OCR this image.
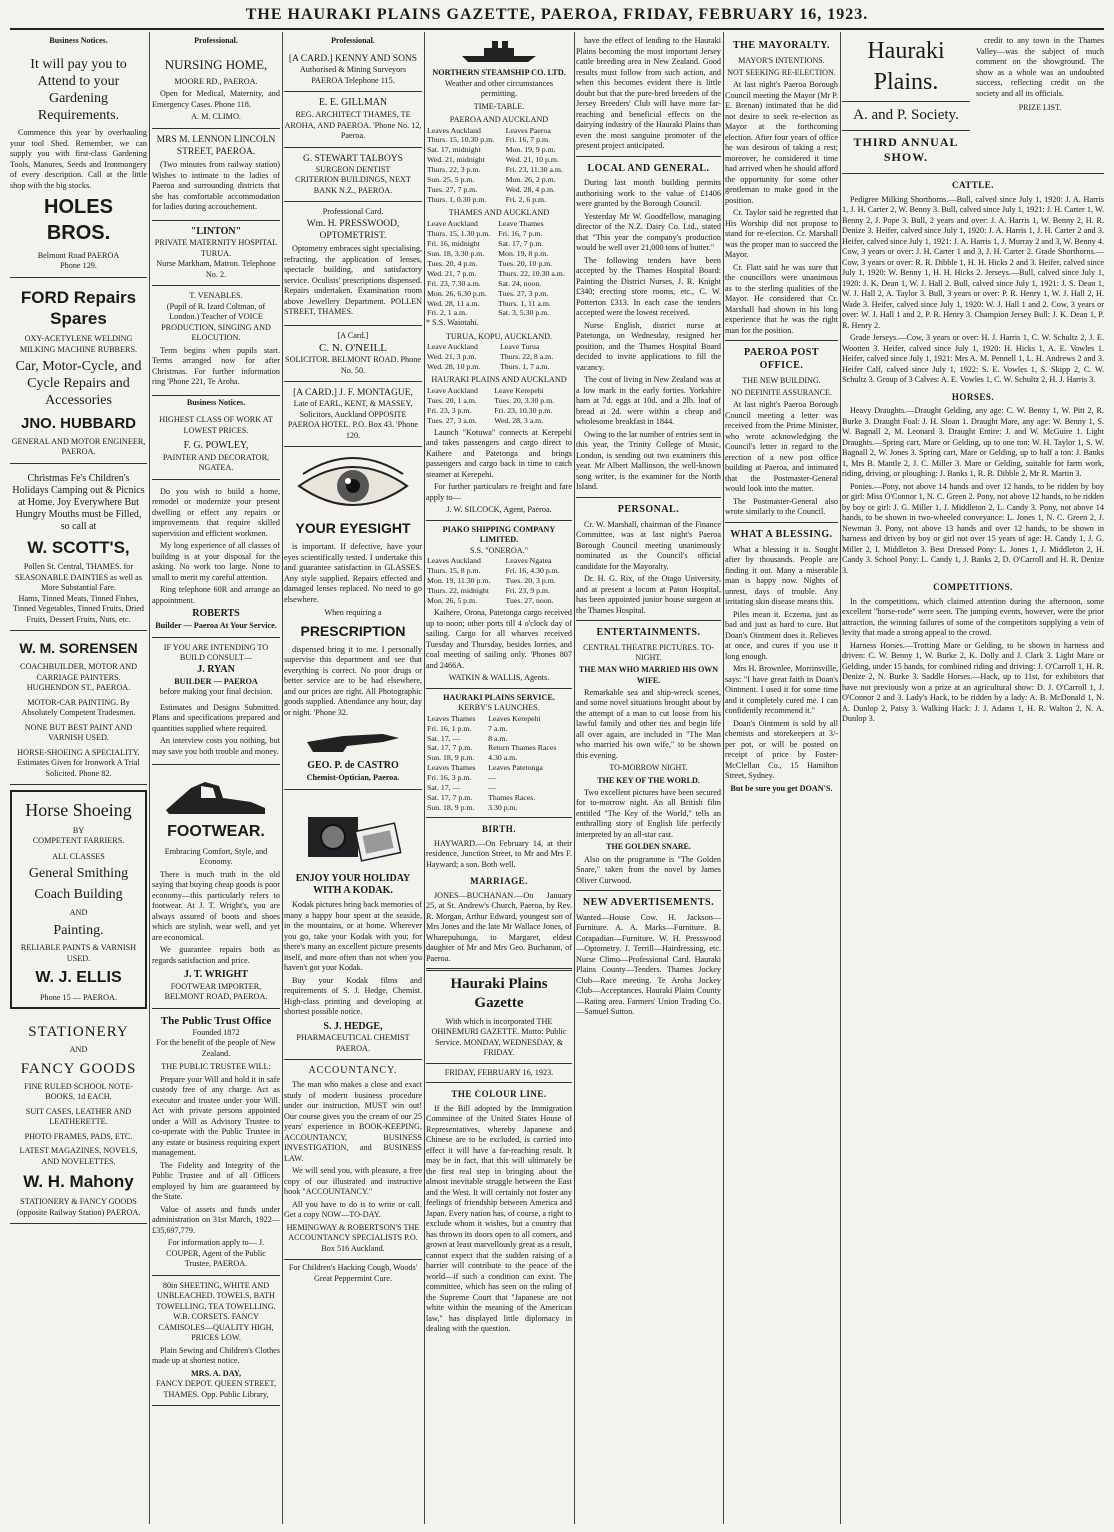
THE HAURAKI PLAINS GAZETTE, PAEROA, FRIDAY, FEBRUARY 16, 1923.
Business Notices.
It will pay you to Attend to your Gardening Requirements.
Commence this year by overhauling your tool Shed. Remember, we can supply you with first-class Gardening Tools, Manures, Seeds and Ironmongery of every description. Call at the little shop with the big stocks.
HOLES BROS.
Belmont Road PAEROA
Phone 129.
FORD Repairs Spares
OXY-ACETYLENE WELDING MILKING MACHINE RUBBERS.
Car, Motor-Cycle, and Cycle Repairs and Accessories
JNO. HUBBARD
GENERAL AND MOTOR ENGINEER, PAEROA.
Christmas Fe's Children's Holidays Camping out & Picnics at Home. Joy Everywhere But Hungry Mouths must be Filled, so call at
W. SCOTT'S,
Pollen St. Central, THAMES. for SEASONABLE DAINTIES as well as More Substantial Fare.
Hams, Tinned Meats, Tinned Fishes, Tinned Vegetables, Tinned Fruits, Dried Fruits, Dessert Fruits, Nuts, etc.
W. M. SORENSEN
COACHBUILDER, MOTOR AND CARRIAGE PAINTERS. HUGHENDON ST., PAEROA.
MOTOR-CAR PAINTING. By Absolutely Competent Tradesmen.
NONE BUT BEST PAINT AND VARNISH USED.
HORSE-SHOEING A SPECIALITY.
Estimates Given for Ironwork A Trial Solicited. Phone 82.
Horse Shoeing
BY
COMPETENT FARRIERS.
ALL CLASSES
General Smithing
Coach Building
AND
Painting.
RELIABLE PAINTS & VARNISH USED.
W. J. ELLIS
Phone 15 — PAEROA.
STATIONERY
AND
FANCY GOODS
FINE RULED SCHOOL NOTE-BOOKS, 1d EACH.
SUIT CASES, LEATHER AND LEATHERETTE.
PHOTO FRAMES, PADS, ETC.
LATEST MAGAZINES, NOVELS, AND NOVELETTES.
W. H. Mahony
STATIONERY & FANCY GOODS
(opposite Railway Station) PAEROA.
Professional.
NURSING HOME,
MOORE RD., PAEROA.
Open for Medical, Maternity, and Emergency Cases. Phone 118.
A. M. CLIMO.
MRS M. LENNON LINCOLN STREET, PAEROA.
(Two minutes from railway station) Wishes to intimate to the ladies of Paeroa and surrounding districts that she has comfortable accommodation for ladies during accouchement.
"LINTON"
PRIVATE MATERNITY HOSPITAL TURUA.
Nurse Markham, Matron. Telephone No. 2.
T. VENABLES.
(Pupil of R. Izard Coltman, of London.) Teacher of VOICE PRODUCTION, SINGING AND ELOCUTION.
Term begins when pupils start. Terms arranged now for after Christmas. For further information ring 'Phone 221, Te Aroha.
Business Notices.
HIGHEST CLASS OF WORK AT LOWEST PRICES.
F. G. POWLEY,
PAINTER AND DECORATOR, NGATEA.
Do you wish to build a home, remodel or modernize your present dwelling or effect any repairs or improvements that require skilled supervision and efficient workmen.
My long experience of all classes of building is at your disposal for the asking. No work too large. None to small to merit my careful attention.
Ring telephone 60R and arrange an appointment.
ROBERTS
Builder — Paeroa At Your Service.
IF YOU ARE INTENDING TO BUILD CONSULT—
J. RYAN
BUILDER — PAEROA
before making your final decision.
Estimates and Designs Submitted. Plans and specifications prepared and quantities supplied where required.
An interview costs you nothing, but may save you both trouble and money.
FOOTWEAR.
Embracing Comfort, Style, and Economy.
There is much truth in the old saying that buying cheap goods is poor economy—this particularly refers to footwear. At J. T. Wright's, you are always assured of boots and shoes which are stylish, wear well, and yet are economical.
We guarantee repairs both as regards satisfaction and price.
J. T. WRIGHT
FOOTWEAR IMPORTER, BELMONT ROAD, PAEROA.
The Public Trust Office
Founded 1872
For the benefit of the people of New Zealand.
THE PUBLIC TRUSTEE WILL:
Prepare your Will and hold it in safe custody free of any charge. Act as executor and trustee under your Will. Act with private persons appointed under a Will as Advisory Trustee to co-operate with the Public Trustee in any estate or business requiring expert management.
The Fidelity and Integrity of the Public Trustee and of all Officers employed by him are guaranteed by the State.
Value of assets and funds under administration on 31st March, 1922— £35,697,779.
For information apply to— J. COUPER, Agent of the Public Trustee, PAEROA.
80in SHEETING, WHITE AND UNBLEACHED. TOWELS, BATH TOWELLING, TEA TOWELLING. W.B. CORSETS. FANCY CAMISOLES—QUALITY HIGH, PRICES LOW.
Plain Sewing and Children's Clothes made up at shortest notice.
MRS. A. DAY,
FANCY DEPOT. QUEEN STREET, THAMES. Opp. Public Library,
Professional.
[A CARD.] KENNY AND SONS
Authorised & Mining Surveyors PAEROA Telephone 115.
E. E. GILLMAN
REG. ARCHITECT THAMES, TE AROHA, AND PAEROA. 'Phone No. 12, Paeroa.
G. STEWART TALBOYS
SURGEON DENTIST
CRITERION BUILDINGS, NEXT BANK N.Z., PAEROA.
Professional Card.
Wm. H. PRESSWOOD, OPTOMETRIST.
Optometry embraces sight specialising, refracting, the application of lenses, spectacle building, and satisfactory service. Oculists' prescriptions dispensed. Repairs undertaken. Examination room above Jewellery Department. POLLEN STREET, THAMES.
[A Card.]
C. N. O'NEILL
SOLICITOR. BELMONT ROAD. Phone No. 50.
[A CARD.] J. F. MONTAGUE,
Late of EARL, KENT, & MASSEY, Solicitors, Auckland OPPOSITE PAEROA HOTEL. P.O. Box 43. 'Phone 120.
YOUR EYESIGHT
is important. If defective, have your eyes scientifically tested. I undertake this and guarantee satisfaction in GLASSES. Any style supplied. Repairs effected and damaged lenses replaced. No need to go elsewhere.
When requiring a
PRESCRIPTION
dispensed bring it to me. I personally supervise this department and see that everything is correct. No poor drugs or better service are to be had elsewhere, and our prices are right. All Photographic goods supplied. Attendance any hour, day or night. 'Phone 32.
GEO. P. de CASTRO
Chemist-Optician, Paeroa.
ENJOY YOUR HOLIDAY WITH A KODAK.
Kodak pictures bring back memories of many a happy hour spent at the seaside, in the mountains, or at home. Wherever you go, take your Kodak with you; for there's many an excellent picture presents itself, and more often than not when you haven't got your Kodak.
Buy your Kodak films and requirements of S. J. Hedge, Chemist. High-class printing and developing at shortest possible notice.
S. J. HEDGE,
PHARMACEUTICAL CHEMIST PAEROA.
ACCOUNTANCY.
The man who makes a close and exact study of modern business procedure under our instruction, MUST win out! Our course gives you the cream of our 25 years' experience in BOOK-KEEPING, ACCOUNTANCY, BUSINESS INVESTIGATION, and BUSINESS LAW.
We will send you, with pleasure, a free copy of our illustrated and instructive book "ACCOUNTANCY."
All you have to do is to write or call. Get a copy NOW—TO-DAY.
HEMINGWAY & ROBERTSON'S THE ACCOUNTANCY SPECIALISTS P.O. Box 516 Auckland.
For Children's Hacking Cough, Woods' Great Peppermint Cure.
NORTHERN STEAMSHIP CO. LTD.
Weather and other circumstances permitting.
TIME-TABLE.
PAEROA AND AUCKLAND
Leaves Auckland	Leaves Paeroa
Thurs. 15, 10.30 p.m.	Fri. 16, 7 p.m.
Sat. 17, midnight	Mon. 19, 9 p.m.
Wed. 21, midnight	Wed. 21, 10 p.m.
Thurs. 22, 3 p.m.	Fri. 23, 11.30 a.m.
Sun. 25, 5 p.m.	Mon. 26, 2 p.m.
Tues. 27, 7 p.m.	Wed. 28, 4 p.m.
Thurs. 1, 0.30 p.m.	Fri. 2, 6 p.m.
THAMES AND AUCKLAND
Leave Auckland	Leave Thames
Thurs. 15, 1.30 p.m.	Fri. 16, 7 p.m.
Fri. 16, midnight	Sat. 17, 7 p.m.
Sun. 18, 3.30 p.m.	Mon. 19, 8 p.m.
Tues. 20, 4 p.m.	Tues. 20, 10 p.m.
Wed. 21, 7 p.m.	Thurs. 22, 10.30 a.m.
Fri. 23, 7.30 a.m.	Sat. 24, noon.
Mon. 26, 6.30 p.m.	Tues. 27, 3 p.m.
Wed. 28, 11 a.m.	Thurs. 1, 11 a.m.
Fri. 2, 1 a.m.	Sat. 3, 5.30 p.m.
* S.S. Waiotahi.
TURUA, KOPU, AUCKLAND.
Leave Auckland	Leave Turua
Wed. 21, 3 p.m.	Thurs. 22, 8 a.m.
Wed. 28, 10 p.m.	Thurs. 1, 7 a.m.
HAURAKI PLAINS AND AUCKLAND
Leave Auckland	Leave Kerepehi
Tues. 20, 1 a.m.	Tues. 20, 3.30 p.m.
Fri. 23, 3 p.m.	Fri. 23, 10.30 p.m.
Tues. 27, 3 a.m.	Wed. 28, 3 a.m.
Launch "Kotuwa" connects at Kerepehi and takes passengers and cargo direct to Kaihere and Patetonga and brings passengers and cargo back in time to catch steamer at Kerepehi.
For further particulars re freight and fare apply to—
J. W. SILCOCK, Agent, Paeroa.
PIAKO SHIPPING COMPANY LIMITED.
S.S. "ONEROA."
Leaves Auckland	Leaves Ngatea
Thurs. 15, 8 p.m.	Fri. 16, 4.30 p.m.
Mon. 19, 11.30 p.m.	Tues. 20, 3 p.m.
Thurs. 22, midnight	Fri. 23, 9 p.m.
Mon. 26, 5 p.m.	Tues. 27, noon.
Kaihere, Orona, Patetonga cargo received up to noon; other ports till 4 o'clock day of sailing. Cargo for all wharves received Tuesday and Thursday, besides lorries, and coal meeting of sailing only. 'Phones 807 and 2466A.
WATKIN & WALLIS, Agents.
HAURAKI PLAINS SERVICE.
KERBY'S LAUNCHES.
Leaves Thames	Leaves Kerepehi
Fri. 16, 1 p.m.	7 a.m.
Sat. 17, —	8 a.m.
Sat. 17, 7 p.m.	Return Thames Races
Sun. 18, 9 p.m.	4.30 a.m.
Leaves Thames	Leaves Patetonga
Fri. 16, 3 p.m.	—
Sat. 17, —	—
Sat. 17, 7 p.m.	Thames Races.
Sun. 18, 9 p.m.	3.30 p.m.
BIRTH.
HAYWARD.—On February 14, at their residence, Junction Street, to Mr and Mrs F. Hayward; a son. Both well.
MARRIAGE.
JONES—BUCHANAN.—On January 25, at St. Andrew's Church, Paeroa, by Rev. R. Morgan, Arthur Edward, youngest son of Mrs Jones and the late Mr Wallace Jones, of Wharepuhunga, to Margaret, eldest daughter of Mr and Mrs Geo. Buchanan, of Paeroa.
Hauraki Plains Gazette
With which is incorporated THE OHINEMURI GAZETTE. Motto: Public Service. MONDAY, WEDNESDAY, & FRIDAY.
FRIDAY, FEBRUARY 16, 1923.
THE COLOUR LINE.
If the Bill adopted by the Immigration Committee of the United States House of Representatives, whereby Japanese and Chinese are to be excluded, is carried into effect it will have a far-reaching result. It may be in fact, that this will ultimately be the first real step in bringing about the almost inevitable struggle between the East and the West. It will certainly not foster any feelings of friendship between America and Japan. Every nation has, of course, a right to exclude whom it wishes, but a country that has thrown its doors open to all comers, and grown at least marvellously great as a result, cannot expect that the sudden raising of a barrier will contribute to the peace of the world—if such a condition can exist. The committee, which has seen on the ruling of the Supreme Court that "Japanese are not white within the meaning of the American law," has displayed little diplomacy in dealing with the question.
have the effect of lending to the Hauraki Plains becoming the most important Jersey cattle breeding area in New Zealand. Good results must follow from such action, and when this becomes evident there is little doubt but that the pure-bred breeders of the Jersey Breeders' Club will have more far-reaching and beneficial effects on the dairying industry of the Hauraki Plains than even the most sanguine promoter of the present project anticipated.
LOCAL AND GENERAL.
During last month building permits authorising work to the value of £1406 were granted by the Borough Council.
Yesterday Mr W. Goodfellow, managing director of the N.Z. Dairy Co. Ltd., stated that "This year the company's production would be well over 21,000 tons of butter."
The following tenders have been accepted by the Thames Hospital Board: Painting the District Nurses, J. R. Knight £340; erecting store rooms, etc., C. W. Potterton £313. In each case the tenders accepted were the lowest received.
Nurse English, district nurse at Patetonga, on Wednesday, resigned her position, and the Thames Hospital Board decided to invite applications to fill the vacancy.
The cost of living in New Zealand was at a low mark in the early forties. Yorkshire ham at 7d. eggs at 10d. and a 2lb. loaf of bread at 2d. were within a cheap and wholesome breakfast in 1844.
Owing to the lar number of entries sent in this year, the Trinity College of Music, London, is sending out two examiners this year. Mr Albert Mallinson, the well-known song writer, is the examiner for the North Island.
PERSONAL.
Cr. W. Marshall, chairman of the Finance Committee, was at last night's Paeroa Borough Council meeting unanimously nominated as the Council's official candidate for the Mayoralty.
Dr. H. G. Rix, of the Otago University, and at present a locum at Paton Hospital, has been appointed junior house surgeon at the Thames Hospital.
ENTERTAINMENTS.
CENTRAL THEATRE PICTURES. TO-NIGHT.
THE MAN WHO MARRIED HIS OWN WIFE.
Remarkable sea and ship-wreck scenes, and some novel situations brought about by the attempt of a man to cut loose from his lawful family and other ties and begin life all over again, are included in "The Man who married his own wife," to be shown this evening.
TO-MORROW NIGHT.
THE KEY OF THE WORLD.
Two excellent pictures have been secured for to-morrow night. An all British film entitled "The Key of the World," tells an enthralling story of English life perfectly interpreted by an all-star cast.
THE GOLDEN SNARE.
Also on the programme is "The Golden Snare," taken from the novel by James Oliver Curwood.
NEW ADVERTISEMENTS.
Wanted—House Cow. H. Jackson—Furniture. A. A. Marks—Furniture. B. Corapadian—Furniture. W. H. Presswood—Optometry. J. Terrill—Hairdressing, etc. Nurse Climo—Professional Card. Hauraki Plains County—Tenders. Thames Jockey Club—Race meeting. Te Aroha Jockey Club—Acceptances. Hauraki Plains County—Rating area. Farmers' Union Trading Co.—Samuel Sutton.
THE MAYORALTY.
MAYOR'S INTENTIONS.
NOT SEEKING RE-ELECTION.
At last night's Paeroa Borough Council meeting the Mayor (Mr P. E. Brenan) intimated that he did not desire to seek re-election as Mayor at the forthcoming election. After four years of office he was desirous of taking a rest; moreover, he considered it time had arrived when he should afford the opportunity for some other gentleman to make good in the position.
Cr. Taylor said he regretted that His Worship did not propose to stand for re-election. Cr. Marshall was the proper man to succeed the Mayor.
Cr. Flatt said he was sure that the councillors were unanimous as to the sterling qualities of the Mayor. He considered that Cr. Marshall had shown in his long experience that he was the right man for the position.
PAEROA POST OFFICE.
THE NEW BUILDING.
NO DEFINITE ASSURANCE.
At last night's Paeroa Borough Council meeting a letter was received from the Prime Minister, who wrote acknowledging the Council's letter in regard to the erection of a new post office building at Paeroa, and intimated that the Postmaster-General would look into the matter.
The Postmaster-General also wrote similarly to the Council.
WHAT A BLESSING.
What a blessing it is. Sought after by thousands. People are finding it out. Many a miserable man is happy now. Nights of unrest, days of trouble. Any irritating skin disease means this.
Piles mean it. Eczema, just as bad and just as hard to cure. But Doan's Ointment does it. Relieves at once, and cures if you use it long enough.
Mrs H. Brownlee, Morrinsville, says: "I have great faith in Doan's Ointment. I used it for some time and it completely cured me. I can confidently recommend it."
Doan's Ointment is sold by all chemists and storekeepers at 3/- per pot, or will be posted on receipt of price by Foster-McClellan Co., 15 Hamilton Street, Sydney.
But be sure you get DOAN'S.
Hauraki Plains.
A. and P. Society.
THIRD ANNUAL SHOW.
credit to any town in the Thames Valley—was the subject of much comment on the showground. The show as a whole was an undoubted success, reflecting credit on the society and all its officials.
PRIZE LIST.
CATTLE.
Pedigree Milking Shorthorns.—Bull, calved since July 1, 1920: J. A. Harris 1, J. H. Carter 2, W. Benny 3. Bull, calved since July 1, 1921: J. H. Carter 1, W. Benny 2, J. Pope 3. Bull, 2 years and over: J. A. Harris 1, W. Benny 2, H. R. Denize 3. Heifer, calved since July 1, 1920: J. A. Harris 1, J. H. Carter 2 and 3. Heifer, calved since July 1, 1921: J. A. Harris 1, J. Murray 2 and 3, W. Benny 4. Cow, 3 years or over: J. H. Carter 1 and 3, J. H. Carter 2. Grade Shorthorns.—Cow, 3 years or over: R. R. Dibble 1, H. H. Hicks 2 and 3. Heifer, calved since July 1, 1920: W. Benny 1, H. H. Hicks 2. Jerseys.—Bull, calved since July 1, 1920: J. K. Dean 1, W. J. Hall 2. Bull, calved since July 1, 1921: J. S. Dean 1, W. J. Hall 2, A. Taylor 3. Bull, 3 years or over: P. R. Henry 1, W. J. Hall 2, H. Wade 3. Heifer, calved since July 1, 1920: W. J. Hall 1 and 2. Cow, 3 years or over: W. J. Hall 1 and 2, P. R. Henry 3. Champion Jersey Bull: J. K. Dean 1, P. R. Henry 2.
Grade Jerseys.—Cow, 3 years or over: H. J. Harris 1, C. W. Schultz 2, J. E. Wootten 3. Heifer, calved since July 1, 1920: H. Hicks 1, A. E. Vowles 1. Heifer, calved since July 1, 1921: Mrs A. M. Pennell 1, L. H. Andrews 2 and 3. Heifer Calf, calved since July 1, 1922: S. E. Vowles 1, S. Skipp 2, C. W. Schultz 3. Group of 3 Calves: A. E. Vowles 1, C. W. Schultz 2, H. J. Harris 3.
HORSES.
Heavy Draughts.—Draught Gelding, any age: C. W. Benny 1, W. Pitt 2, R. Burke 3. Draught Foal: J. H. Sloan 1. Draught Mare, any age: W. Benny 1, S. W. Bagnall 2, M. Leonard 3. Draught Entire: J. and W. McGuire 1. Light Draughts.—Spring cart, Mare or Gelding, up to one ton: W. H. Taylor 1, S. W. Bagnall 2, W. Jones 3. Spring cart, Mare or Gelding, up to half a ton: J. Banks 1, Mrs B. Mantle 2, J. C. Miller 3. Mare or Gelding, suitable for farm work, riding, driving, or ploughing: J. Banks 1, R. R. Dibble 2, Mr R. Martin 3.
Ponies.—Pony, not above 14 hands and over 12 hands, to be ridden by boy or girl: Miss O'Connor 1, N. C. Green 2. Pony, not above 12 hands, to be ridden by boy or girl: J. G. Miller 1, J. Middleton 2, L. Candy 3. Pony, not above 14 hands, to be shown in two-wheeled conveyance: L. Jones 1, N. C. Green 2, J. Newman 3. Pony, not above 13 hands and over 12 hands, to be shown in harness and driven by boy or girl not over 15 years of age: H. Candy 1, J. G. Miller 2, I. Middleton 3. Best Dressed Pony: L. Jones 1, J. Middleton 2, H. Candy 3. School Pony: L. Candy 1, J. Banks 2, D. O'Carroll and H. R. Denize 3.
COMPETITIONS.
In the competitions, which claimed attention during the afternoon, some excellent "horse-rode" were seen. The jumping events, however, were the prior attraction, the winning failures of some of the competitors supplying a vein of levity that made a strong appeal to the crowd.
Harness Horses.—Trotting Mare or Gelding, to be shown in harness and driven: C. W. Benny 1, W. Burke 2, K. Dolly and J. Clark 3. Light Mare or Gelding, under 15 hands, for combined riding and driving: J. O'Carroll 1, H. R. Denize 2, N. Burke 3. Saddle Horses.—Hack, up to 11st, for exhibitors that have not previously won a prize at an agricultural show: D. J. O'Carroll 1, J. O'Connor 2 and 3. Lady's Hack, to be ridden by a lady: A. B. McDonald 1, N. A. Dunlop 2, Patsy 3. Walking Hack: J. J. Adams 1, H. R. Walton 2, N. A. Dunlop 3.
